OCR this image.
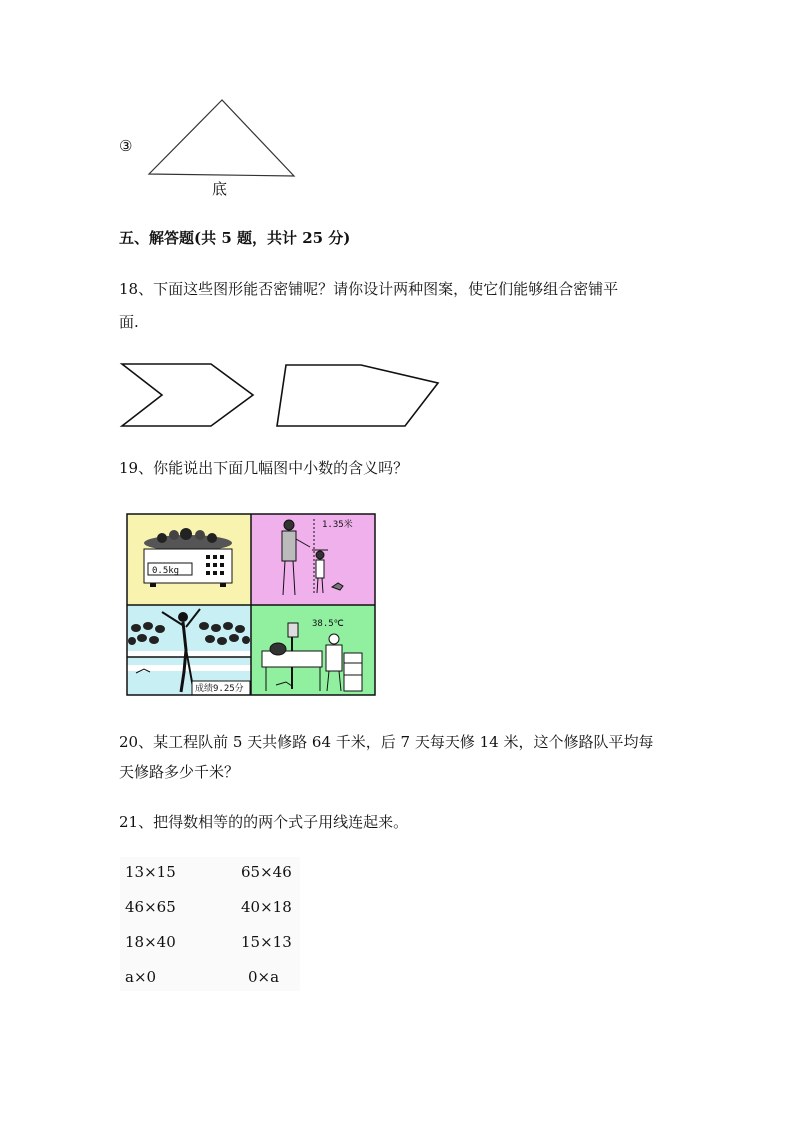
③
底
五、解答题(共 5 题，共计 25 分)
18、下面这些图形能否密铺呢？请你设计两种图案，使它们能够组合密铺平
面.
19、你能说出下面几幅图中小数的含义吗？
0.5kg
1.35米
成绩9.25分
38.5℃
20、某工程队前 5 天共修路 64 千米，后 7 天每天修 14 米，这个修路队平均每
天修路多少千米？
21、把得数相等的的两个式子用线连起来。
13×15	65×46
46×65	40×18
18×40	15×13
a×0	0×a
